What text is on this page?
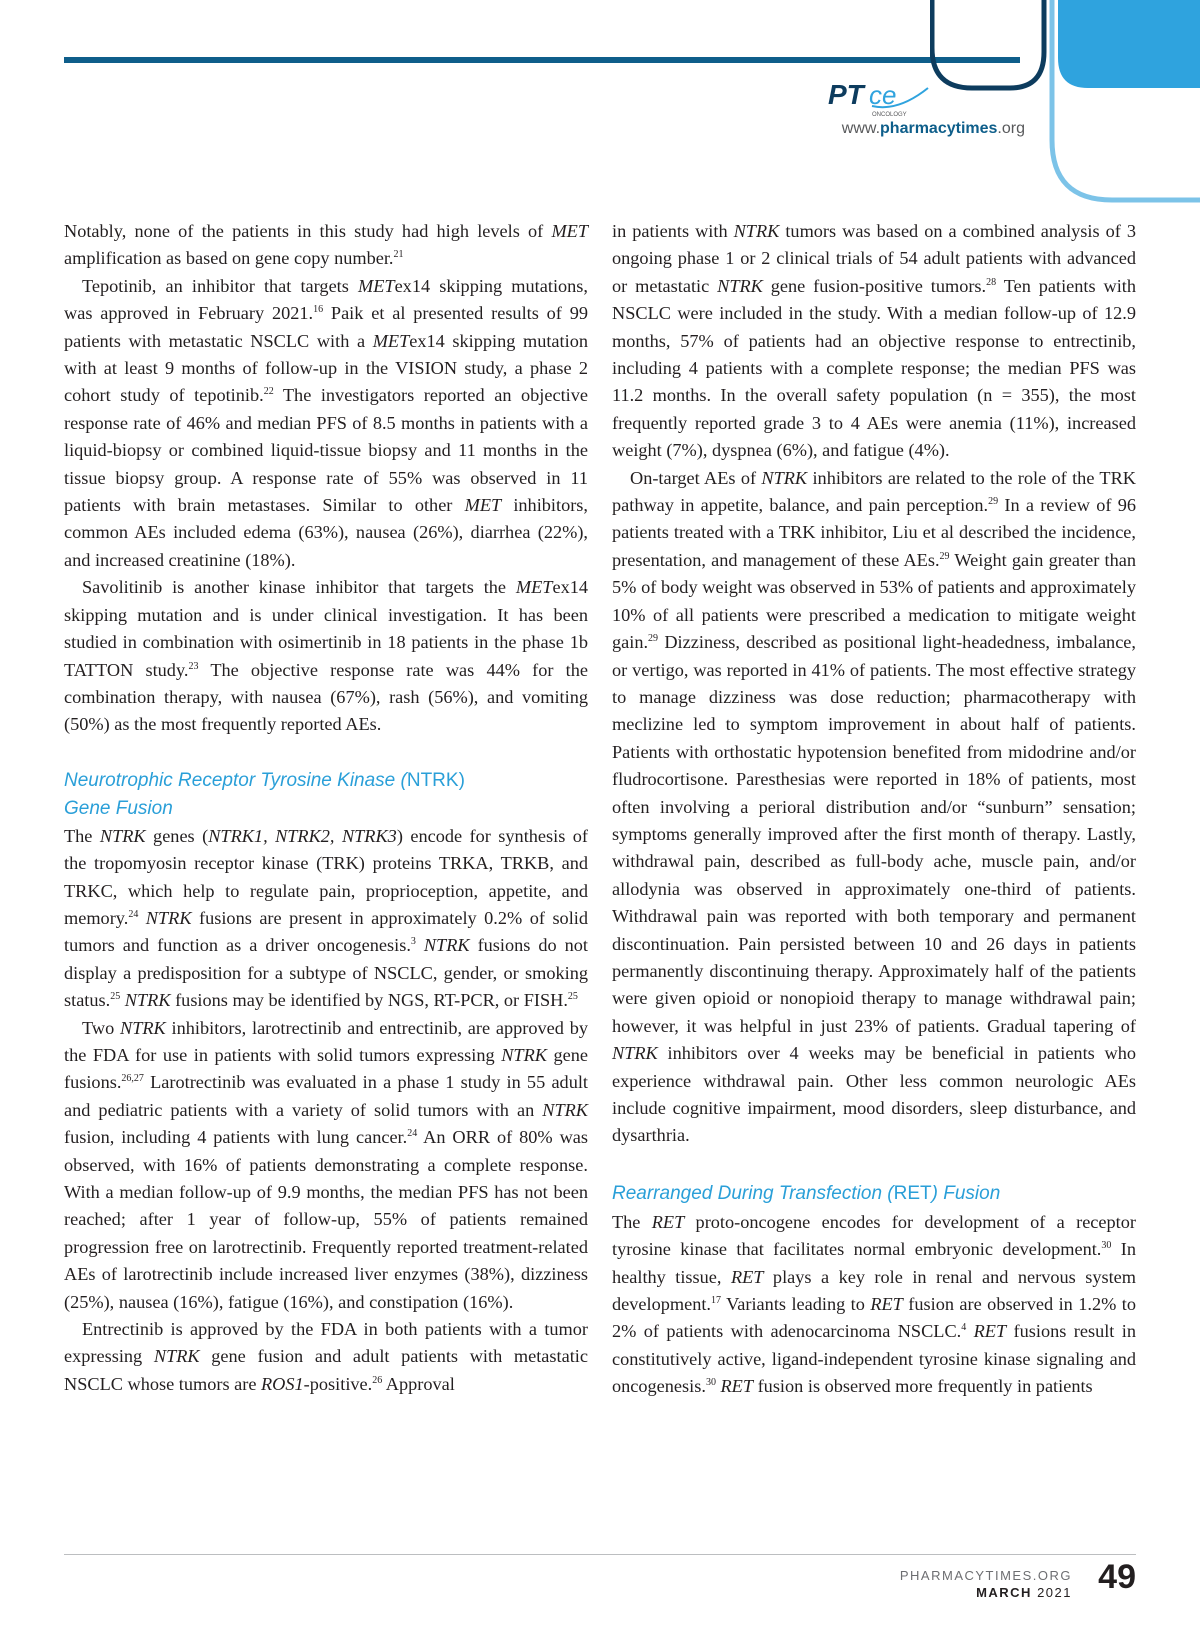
PT ce
ONCOLOGY
www.pharmacytimes.org

Notably, none of the patients in this study had high levels of MET amplification as based on gene copy number.$^{21}$

Tepotinib, an inhibitor that targets METex14 skipping mutations, was approved in February 2021.16 Paik et al presented results of 99 patients with metastatic NSCLC with a METex14 skipping mutation with at least 9 months of follow-up in the VISION study, a phase 2 cohort study of tepotinib.$^{22}$ The investigators reported an objective response rate of 46% and median PFS of 8.5 months in patients with a liquid-biopsy or combined liquid-tissue biopsy and 11 months in the tissue biopsy group. A response rate of 55% was observed in 11 patients with brain metastases. Similar to other MET inhibitors, common AEs included edema (63%), nausea (26%), diarrhea (22%), and increased creatinine (18%).

Savolitinib is another kinase inhibitor that targets the METex14 skipping mutation and is under clinical investigation. It has been studied in combination with osimertinib in 18 patients in the phase 1b TATTON study.$^{23}$ The objective response rate was 44% for the combination therapy, with nausea (67%), rash (56%), and vomiting (50%) as the most frequently reported AEs.

Neurotrophic Receptor Tyrosine Kinase (NTRK)
Gene Fusion

The NTRK genes (NTRK1, NTRK2, NTRK3) encode for synthesis of the tropomyosin receptor kinase (TRK) proteins TRKA, TRKB, and TRKC, which help to regulate pain, proprioception, appetite, and memory.$^{24}$ NTRK fusions are present in approximately 0.2% of solid tumors and function as a driver oncogenesis.$^3$ NTRK fusions do not display a predisposition for a subtype of NSCLC, gender, or smoking status.$^{25}$ NTRK fusions may be identified by NGS, RT-PCR, or FISH.$^{25}$

Two NTRK inhibitors, larotrectinib and entrectinib, are approved by the FDA for use in patients with solid tumors expressing NTRK gene fusions.$^{26,27}$ Larotrectinib was evaluated in a phase 1 study in 55 adult and pediatric patients with a variety of solid tumors with an NTRK fusion, including 4 patients with lung cancer.$^{24}$ An ORR of 80% was observed, with 16% of patients demonstrating a complete response. With a median follow-up of 9.9 months, the median PFS has not been reached; after 1 year of follow-up, 55% of patients remained progression free on larotrectinib. Frequently reported treatment-related AEs of larotrectinib include increased liver enzymes (38%), dizziness (25%), nausea (16%), fatigue (16%), and constipation (16%).

Entrectinib is approved by the FDA in both patients with a tumor expressing NTRK gene fusion and adult patients with metastatic NSCLC whose tumors are ROS1-positive.$^{26}$ Approval

in patients with NTRK tumors was based on a combined analysis of 3 ongoing phase 1 or 2 clinical trials of 54 adult patients with advanced or metastatic NTRK gene fusion-positive tumors.$^{28}$ Ten patients with NSCLC were included in the study. With a median follow-up of 12.9 months, 57% of patients had an objective response to entrectinib, including 4 patients with a complete response; the median PFS was 11.2 months. In the overall safety population (n = 355), the most frequently reported grade 3 to 4 AEs were anemia (11%), increased weight (7%), dyspnea (6%), and fatigue (4%).

On-target AEs of NTRK inhibitors are related to the role of the TRK pathway in appetite, balance, and pain perception.$^{29}$ In a review of 96 patients treated with a TRK inhibitor, Liu et al described the incidence, presentation, and management of these AEs.$^{29}$ Weight gain greater than 5% of body weight was observed in 53% of patients and approximately 10% of all patients were prescribed a medication to mitigate weight gain.$^{29}$ Dizziness, described as positional light-headedness, imbalance, or vertigo, was reported in 41% of patients. The most effective strategy to manage dizziness was dose reduction; pharmacotherapy with meclizine led to symptom improvement in about half of patients. Patients with orthostatic hypotension benefited from midodrine and/or fludrocortisone. Paresthesias were reported in 18% of patients, most often involving a perioral distribution and/or “sunburn” sensation; symptoms generally improved after the first month of therapy. Lastly, withdrawal pain, described as full-body ache, muscle pain, and/or allodynia was observed in approximately one-third of patients. Withdrawal pain was reported with both temporary and permanent discontinuation. Pain persisted between 10 and 26 days in patients permanently discontinuing therapy. Approximately half of the patients were given opioid or nonopioid therapy to manage withdrawal pain; however, it was helpful in just 23% of patients. Gradual tapering of NTRK inhibitors over 4 weeks may be beneficial in patients who experience withdrawal pain. Other less common neurologic AEs include cognitive impairment, mood disorders, sleep disturbance, and dysarthria.

Rearranged During Transfection (RET) Fusion

The RET proto-oncogene encodes for development of a receptor tyrosine kinase that facilitates normal embryonic development.$^{30}$ In healthy tissue, RET plays a key role in renal and nervous system development.$^{17}$ Variants leading to RET fusion are observed in 1.2% to 2% of patients with adenocarcinoma NSCLC.$^4$ RET fusions result in constitutively active, ligand-independent tyrosine kinase signaling and oncogenesis.$^{30}$ RET fusion is observed more frequently in patients

PHARMACYTIMES.ORG
MARCH 2021 49
